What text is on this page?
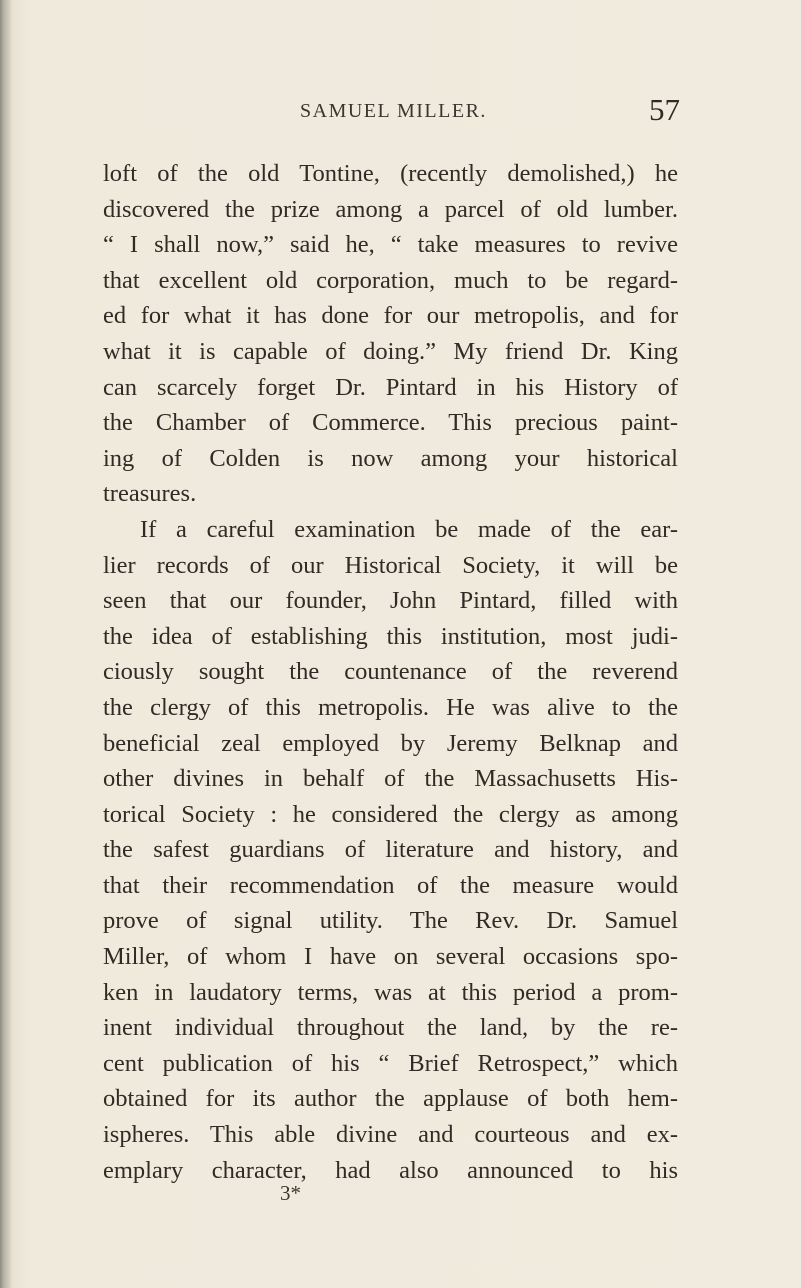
SAMUEL MILLER.	57
loft of the old Tontine, (recently demolished,) he
discovered the prize among a parcel of old lumber.
“ I shall now,” said he, “ take measures to revive
that excellent old corporation, much to be regard-
ed for what it has done for our metropolis, and for
what it is capable of doing.” My friend Dr. King
can scarcely forget Dr. Pintard in his History of
the Chamber of Commerce. This precious paint-
ing of Colden is now among your historical
treasures.
If a careful examination be made of the ear-
lier records of our Historical Society, it will be
seen that our founder, John Pintard, filled with
the idea of establishing this institution, most judi-
ciously sought the countenance of the reverend
the clergy of this metropolis. He was alive to the
beneficial zeal employed by Jeremy Belknap and
other divines in behalf of the Massachusetts His-
torical Society : he considered the clergy as among
the safest guardians of literature and history, and
that their recommendation of the measure would
prove of signal utility. The Rev. Dr. Samuel
Miller, of whom I have on several occasions spo-
ken in laudatory terms, was at this period a prom-
inent individual throughout the land, by the re-
cent publication of his “ Brief Retrospect,” which
obtained for its author the applause of both hem-
ispheres. This able divine and courteous and ex-
emplary character, had also announced to his
3*
